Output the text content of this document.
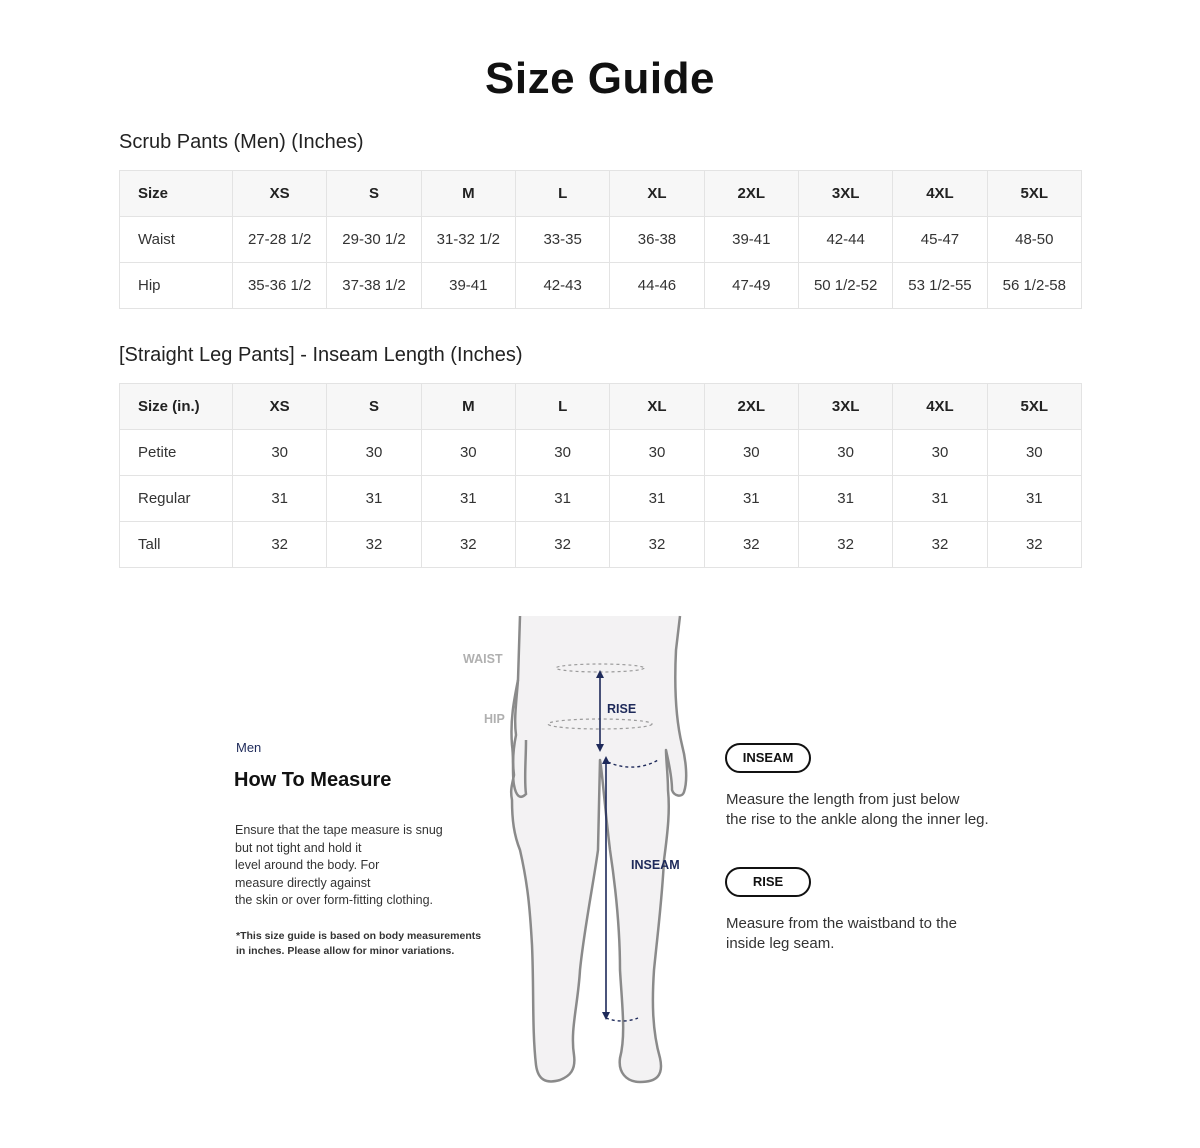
Size Guide
Scrub Pants (Men) (Inches)
Size	XS	S	M	L	XL	2XL	3XL	4XL	5XL
Waist	27-28 1/2	29-30 1/2	31-32 1/2	33-35	36-38	39-41	42-44	45-47	48-50
Hip	35-36 1/2	37-38 1/2	39-41	42-43	44-46	47-49	50 1/2-52	53 1/2-55	56 1/2-58
[Straight Leg Pants] - Inseam Length (Inches)
Size (in.)	XS	S	M	L	XL	2XL	3XL	4XL	5XL
Petite	30	30	30	30	30	30	30	30	30
Regular	31	31	31	31	31	31	31	31	31
Tall	32	32	32	32	32	32	32	32	32
Men
How To Measure
Ensure that the tape measure is snug
but not tight and hold it
level around the body. For
measure directly against
the skin or over form-fitting clothing.
*This size guide is based on body measurements
in inches. Please allow for minor variations.
WAIST
HIP
RISE
INSEAM
INSEAM
Measure the length from just below
the rise to the ankle along the inner leg.
RISE
Measure from the waistband to the
inside leg seam.
